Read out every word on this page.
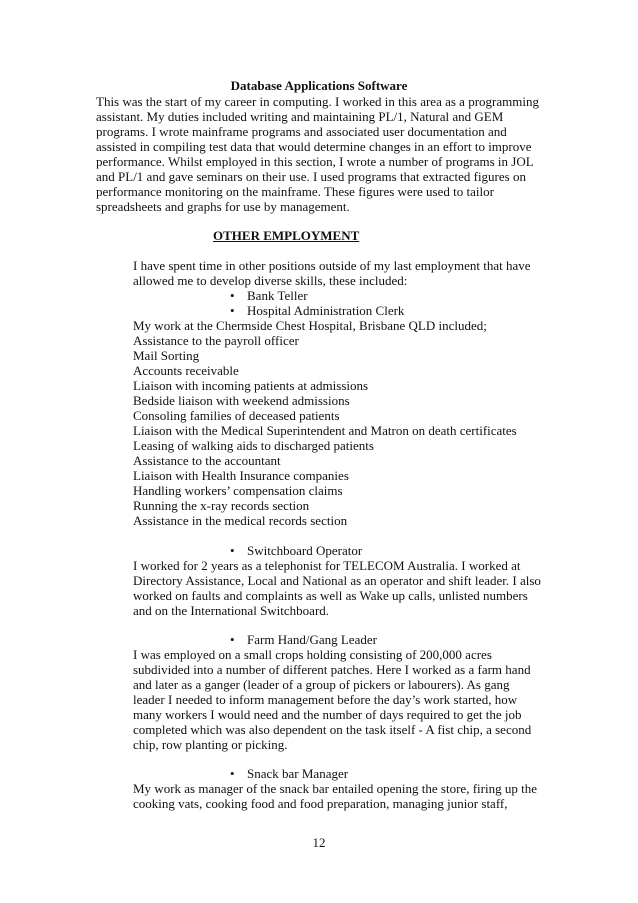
Database Applications Software
This was the start of my career in computing. I worked in this area as a programming
assistant. My duties included writing and maintaining PL/1, Natural and GEM
programs. I wrote mainframe programs and associated user documentation and
assisted in compiling test data that would determine changes in an effort to improve
performance. Whilst employed in this section, I wrote a number of programs in JOL
and PL/1 and gave seminars on their use. I used programs that extracted figures on
performance monitoring on the mainframe. These figures were used to tailor
spreadsheets and graphs for use by management.
OTHER EMPLOYMENT
I have spent time in other positions outside of my last employment that have
allowed me to develop diverse skills, these included:
• Bank Teller
• Hospital Administration Clerk
My work at the Chermside Chest Hospital, Brisbane QLD included;
Assistance to the payroll officer
Mail Sorting
Accounts receivable
Liaison with incoming patients at admissions
Bedside liaison with weekend admissions
Consoling families of deceased patients
Liaison with the Medical Superintendent and Matron on death certificates
Leasing of walking aids to discharged patients
Assistance to the accountant
Liaison with Health Insurance companies
Handling workers’ compensation claims
Running the x-ray records section
Assistance in the medical records section
• Switchboard Operator
I worked for 2 years as a telephonist for TELECOM Australia. I worked at
Directory Assistance, Local and National as an operator and shift leader. I also
worked on faults and complaints as well as Wake up calls, unlisted numbers
and on the International Switchboard.
• Farm Hand/Gang Leader
I was employed on a small crops holding consisting of 200,000 acres
subdivided into a number of different patches. Here I worked as a farm hand
and later as a ganger (leader of a group of pickers or labourers). As gang
leader I needed to inform management before the day’s work started, how
many workers I would need and the number of days required to get the job
completed which was also dependent on the task itself - A fist chip, a second
chip, row planting or picking.
• Snack bar Manager
My work as manager of the snack bar entailed opening the store, firing up the
cooking vats, cooking food and food preparation, managing junior staff,
12
